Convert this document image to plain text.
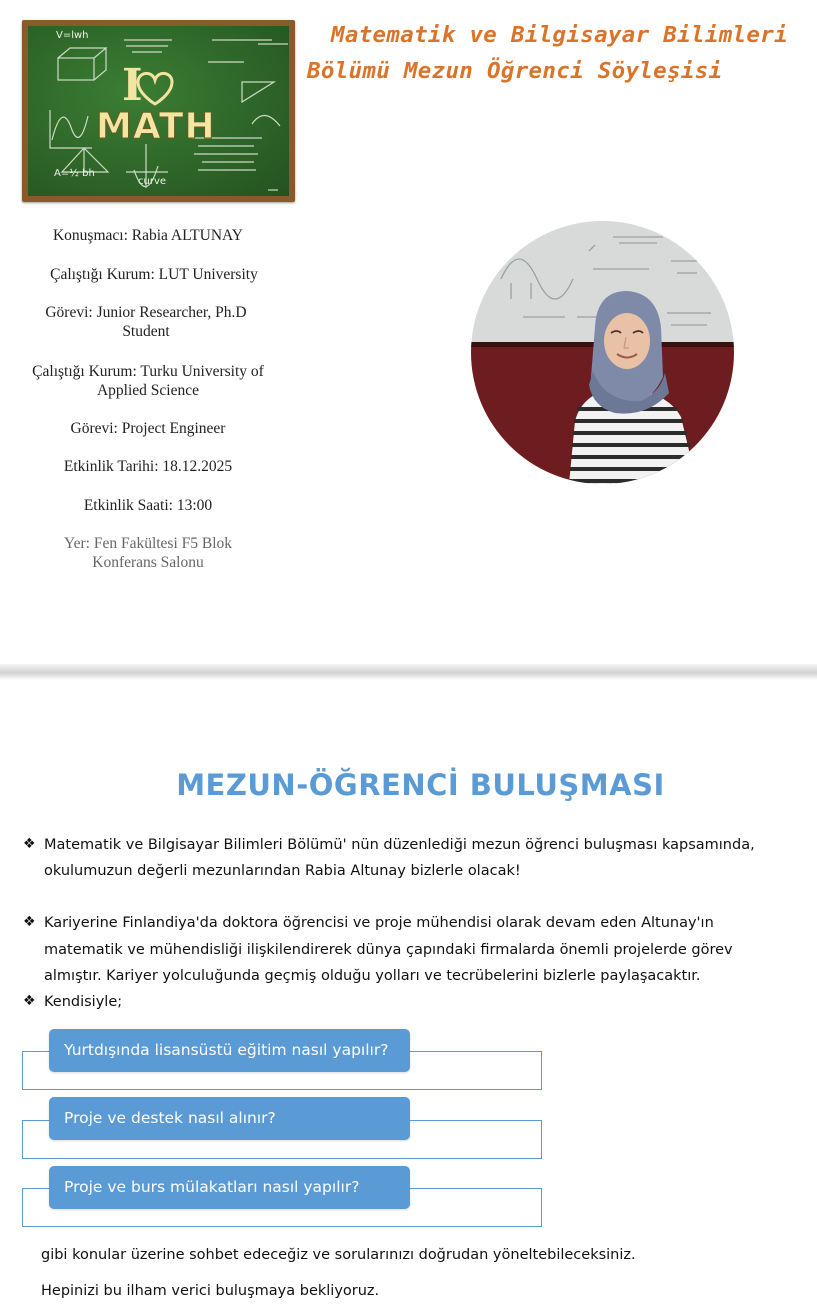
I
MATH
A=½ bh
V=lwh
curve
Matematik ve Bilgisayar Bilimleri
Bölümü Mezun Öğrenci Söyleşisi
Konuşmacı: Rabia ALTUNAY
Çalıştığı Kurum: LUT University
Görevi: Junior Researcher, Ph.D Student
Çalıştığı Kurum: Turku University of Applied Science
Görevi: Project Engineer
Etkinlik Tarihi: 18.12.2025
Etkinlik Saati: 13:00
Yer: Fen Fakültesi F5 Blok Konferans Salonu
MEZUN-ÖĞRENCİ BULUŞMASI
❖ Matematik ve Bilgisayar Bilimleri Bölümü' nün düzenlediği mezun öğrenci buluşması kapsamında,
okulumuzun değerli mezunlarından Rabia Altunay bizlerle olacak!
❖ Kariyerine Finlandiya'da doktora öğrencisi ve proje mühendisi olarak devam eden Altunay'ın
matematik ve mühendisliği ilişkilendirerek dünya çapındaki firmalarda önemli projelerde görev
almıştır. Kariyer yolculuğunda geçmiş olduğu yolları ve tecrübelerini bizlerle paylaşacaktır.
❖ Kendisiyle;
Yurtdışında lisansüstü eğitim nasıl yapılır?
Proje ve destek nasıl alınır?
Proje ve burs mülakatları nasıl yapılır?
gibi konular üzerine sohbet edeceğiz ve sorularınızı doğrudan yöneltebileceksiniz.
Hepinizi bu ilham verici buluşmaya bekliyoruz.
